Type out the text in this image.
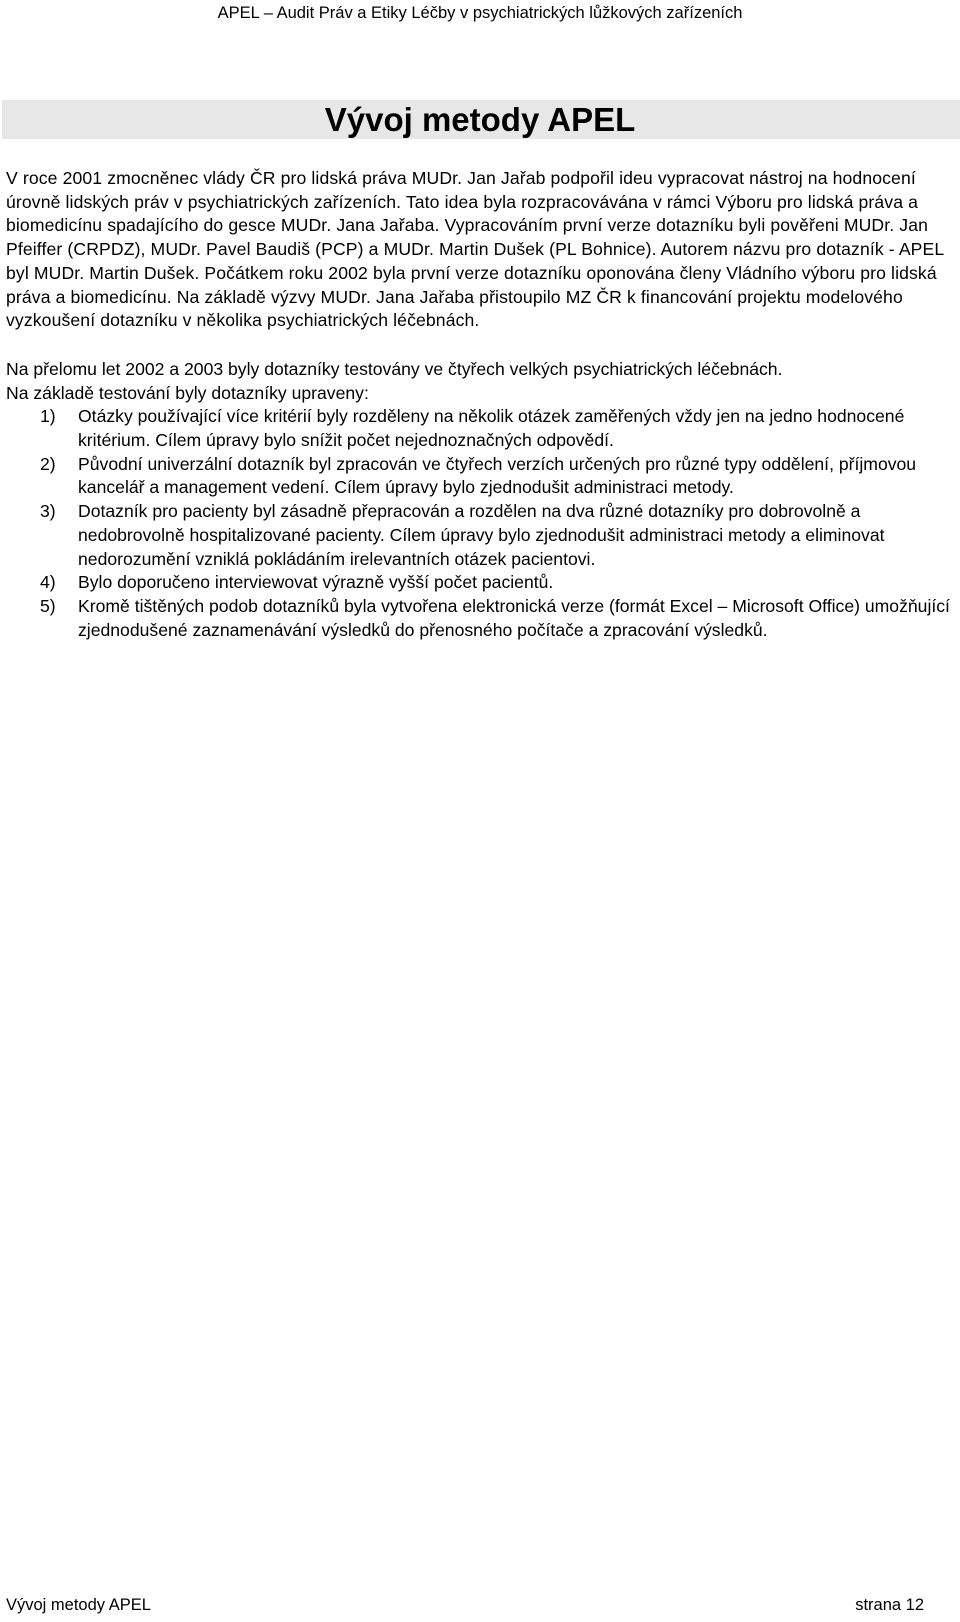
APEL – Audit Práv a Etiky Léčby v psychiatrických lůžkových zařízeních
Vývoj metody APEL

V roce 2001 zmocněnec vlády ČR pro lidská práva MUDr. Jan Jařab podpořil ideu vypracovat nástroj na hodnocení úrovně lidských práv v psychiatrických zařízeních. Tato idea byla rozpracovávána v rámci Výboru pro lidská práva a biomedicínu spadajícího do gesce MUDr. Jana Jařaba. Vypracováním první verze dotazníku byli pověřeni MUDr. Jan Pfeiffer (CRPDZ), MUDr. Pavel Baudiš (PCP) a MUDr. Martin Dušek (PL Bohnice). Autorem názvu pro dotazník - APEL byl MUDr. Martin Dušek. Počátkem roku 2002 byla první verze dotazníku oponována členy Vládního výboru pro lidská práva a biomedicínu. Na základě výzvy MUDr. Jana Jařaba přistoupilo MZ ČR k financování projektu modelového vyzkoušení dotazníku v několika psychiatrických léčebnách.

Na přelomu let 2002 a 2003 byly dotazníky testovány ve čtyřech velkých psychiatrických léčebnách.

Na základě testování byly dotazníky upraveny:

1) Otázky používající více kritérií byly rozděleny na několik otázek zaměřených vždy jen na jedno hodnocené kritérium. Cílem úpravy bylo snížit počet nejednoznačných odpovědí.
2) Původní univerzální dotazník byl zpracován ve čtyřech verzích určených pro různé typy oddělení, příjmovou kancelář a management vedení. Cílem úpravy bylo zjednodušit administraci metody.
3) Dotazník pro pacienty byl zásadně přepracován a rozdělen na dva různé dotazníky pro dobrovolně a nedobrovolně hospitalizované pacienty. Cílem úpravy bylo zjednodušit administraci metody a eliminovat nedorozumění vzniklá pokládáním irelevantních otázek pacientovi.
4) Bylo doporučeno interviewovat výrazně vyšší počet pacientů.
5) Kromě tištěných podob dotazníků byla vytvořena elektronická verze (formát Excel – Microsoft Office) umožňující zjednodušené zaznamenávání výsledků do přenosného počítače a zpracování výsledků.
Vývoj metody APEL	strana 12
